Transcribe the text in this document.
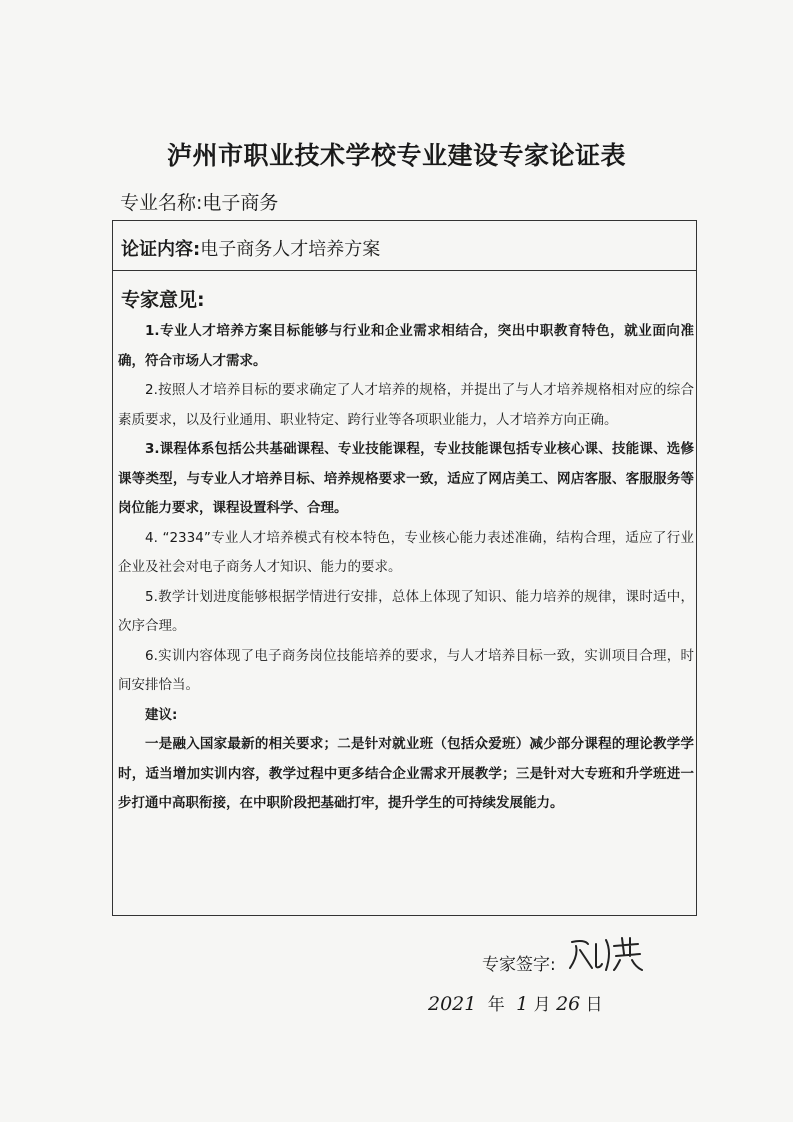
泸州市职业技术学校专业建设专家论证表
专业名称:电子商务
论证内容:电子商务人才培养方案
专家意见:

1.专业人才培养方案目标能够与行业和企业需求相结合，突出中职教育特色，就业面向准确，符合市场人才需求。

2.按照人才培养目标的要求确定了人才培养的规格，并提出了与人才培养规格相对应的综合素质要求，以及行业通用、职业特定、跨行业等各项职业能力，人才培养方向正确。

3.课程体系包括公共基础课程、专业技能课程，专业技能课包括专业核心课、技能课、选修课等类型，与专业人才培养目标、培养规格要求一致，适应了网店美工、网店客服、客服服务等岗位能力要求，课程设置科学、合理。

4. “2334”专业人才培养模式有校本特色，专业核心能力表述准确，结构合理，适应了行业企业及社会对电子商务人才知识、能力的要求。

5.教学计划进度能够根据学情进行安排，总体上体现了知识、能力培养的规律，课时适中，次序合理。

6.实训内容体现了电子商务岗位技能培养的要求，与人才培养目标一致，实训项目合理，时间安排恰当。

建议:

一是融入国家最新的相关要求；二是针对就业班（包括众爱班）减少部分课程的理论教学学时，适当增加实训内容，教学过程中更多结合企业需求开展教学；三是针对大专班和升学班进一步打通中高职衔接，在中职阶段把基础打牢，提升学生的可持续发展能力。

专家签字:
2021 年 1 月 26 日
